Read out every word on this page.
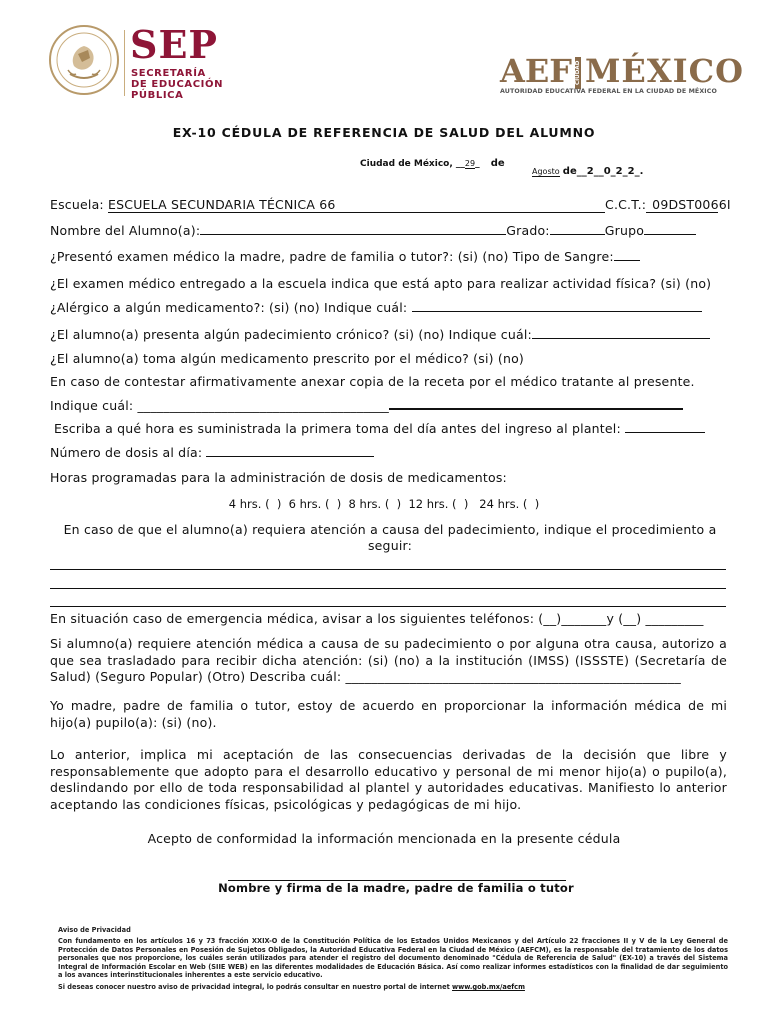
SEP
SECRETARÍA
DE EDUCACIÓN
PÚBLICA
AEF CIUDAD MÉXICO
AUTORIDAD EDUCATIVA FEDERAL EN LA CIUDAD DE MÉXICO
EX-10 CÉDULA DE REFERENCIA DE SALUD DEL ALUMNO
Ciudad de México, __29_ de
Agosto de__2__0_2_2_.
Escuela: ESCUELA SECUNDARIA TÉCNICA 66	C.C.T.: 09DST0066I
Nombre del Alumno(a):	Grado:	Grupo
¿Presentó examen médico la madre, padre de familia o tutor?: (si) (no) Tipo de Sangre:
¿El examen médico entregado a la escuela indica que está apto para realizar actividad física? (si) (no)
¿Alérgico a algún medicamento?: (si) (no) Indique cuál:
¿El alumno(a) presenta algún padecimiento crónico? (si) (no) Indique cuál:
¿El alumno(a) toma algún medicamento prescrito por el médico? (si) (no)
En caso de contestar afirmativamente anexar copia de la receta por el médico tratante al presente.
Indique cuál: _______________________________________
Escriba a qué hora es suministrada la primera toma del día antes del ingreso al plantel:
Número de dosis al día:
Horas programadas para la administración de dosis de medicamentos:
4 hrs. (  )  6 hrs. (  )  8 hrs. (  )  12 hrs. (  )   24 hrs. (  )
En caso de que el alumno(a) requiera atención a causa del padecimiento, indique el procedimiento a seguir:
En situación caso de emergencia médica, avisar a los siguientes teléfonos: (__)_______y (__) _________
Si alumno(a) requiere atención médica a causa de su padecimiento o por alguna otra causa, autorizo a que sea trasladado para recibir dicha atención: (si) (no) a la institución (IMSS) (ISSSTE) (Secretaría de Salud) (Seguro Popular) (Otro) Describa cuál: ____________________________________________________
Yo madre, padre de familia o tutor, estoy de acuerdo en proporcionar la información médica de mi hijo(a) pupilo(a): (si) (no).
Lo anterior, implica mi aceptación de las consecuencias derivadas de la decisión que libre y responsablemente que adopto para el desarrollo educativo y personal de mi menor hijo(a) o pupilo(a), deslindando por ello de toda responsabilidad al plantel y autoridades educativas. Manifiesto lo anterior aceptando las condiciones físicas, psicológicas y pedagógicas de mi hijo.
Acepto de conformidad la información mencionada en la presente cédula
Nombre y firma de la madre, padre de familia o tutor
Aviso de Privacidad
Con fundamento en los artículos 16 y 73 fracción XXIX-O de la Constitución Política de los Estados Unidos Mexicanos y del Artículo 22 fracciones II y V de la Ley General de Protección de Datos Personales en Posesión de Sujetos Obligados, la Autoridad Educativa Federal en la Ciudad de México (AEFCM), es la responsable del tratamiento de los datos personales que nos proporcione, los cuáles serán utilizados para atender el registro del documento denominado "Cédula de Referencia de Salud" (EX-10) a través del Sistema Integral de Información Escolar en Web (SIIE WEB) en las diferentes modalidades de Educación Básica. Así como realizar informes estadísticos con la finalidad de dar seguimiento a los avances interinstitucionales inherentes a este servicio educativo.
Si deseas conocer nuestro aviso de privacidad integral, lo podrás consultar en nuestro portal de internet www.gob.mx/aefcm
